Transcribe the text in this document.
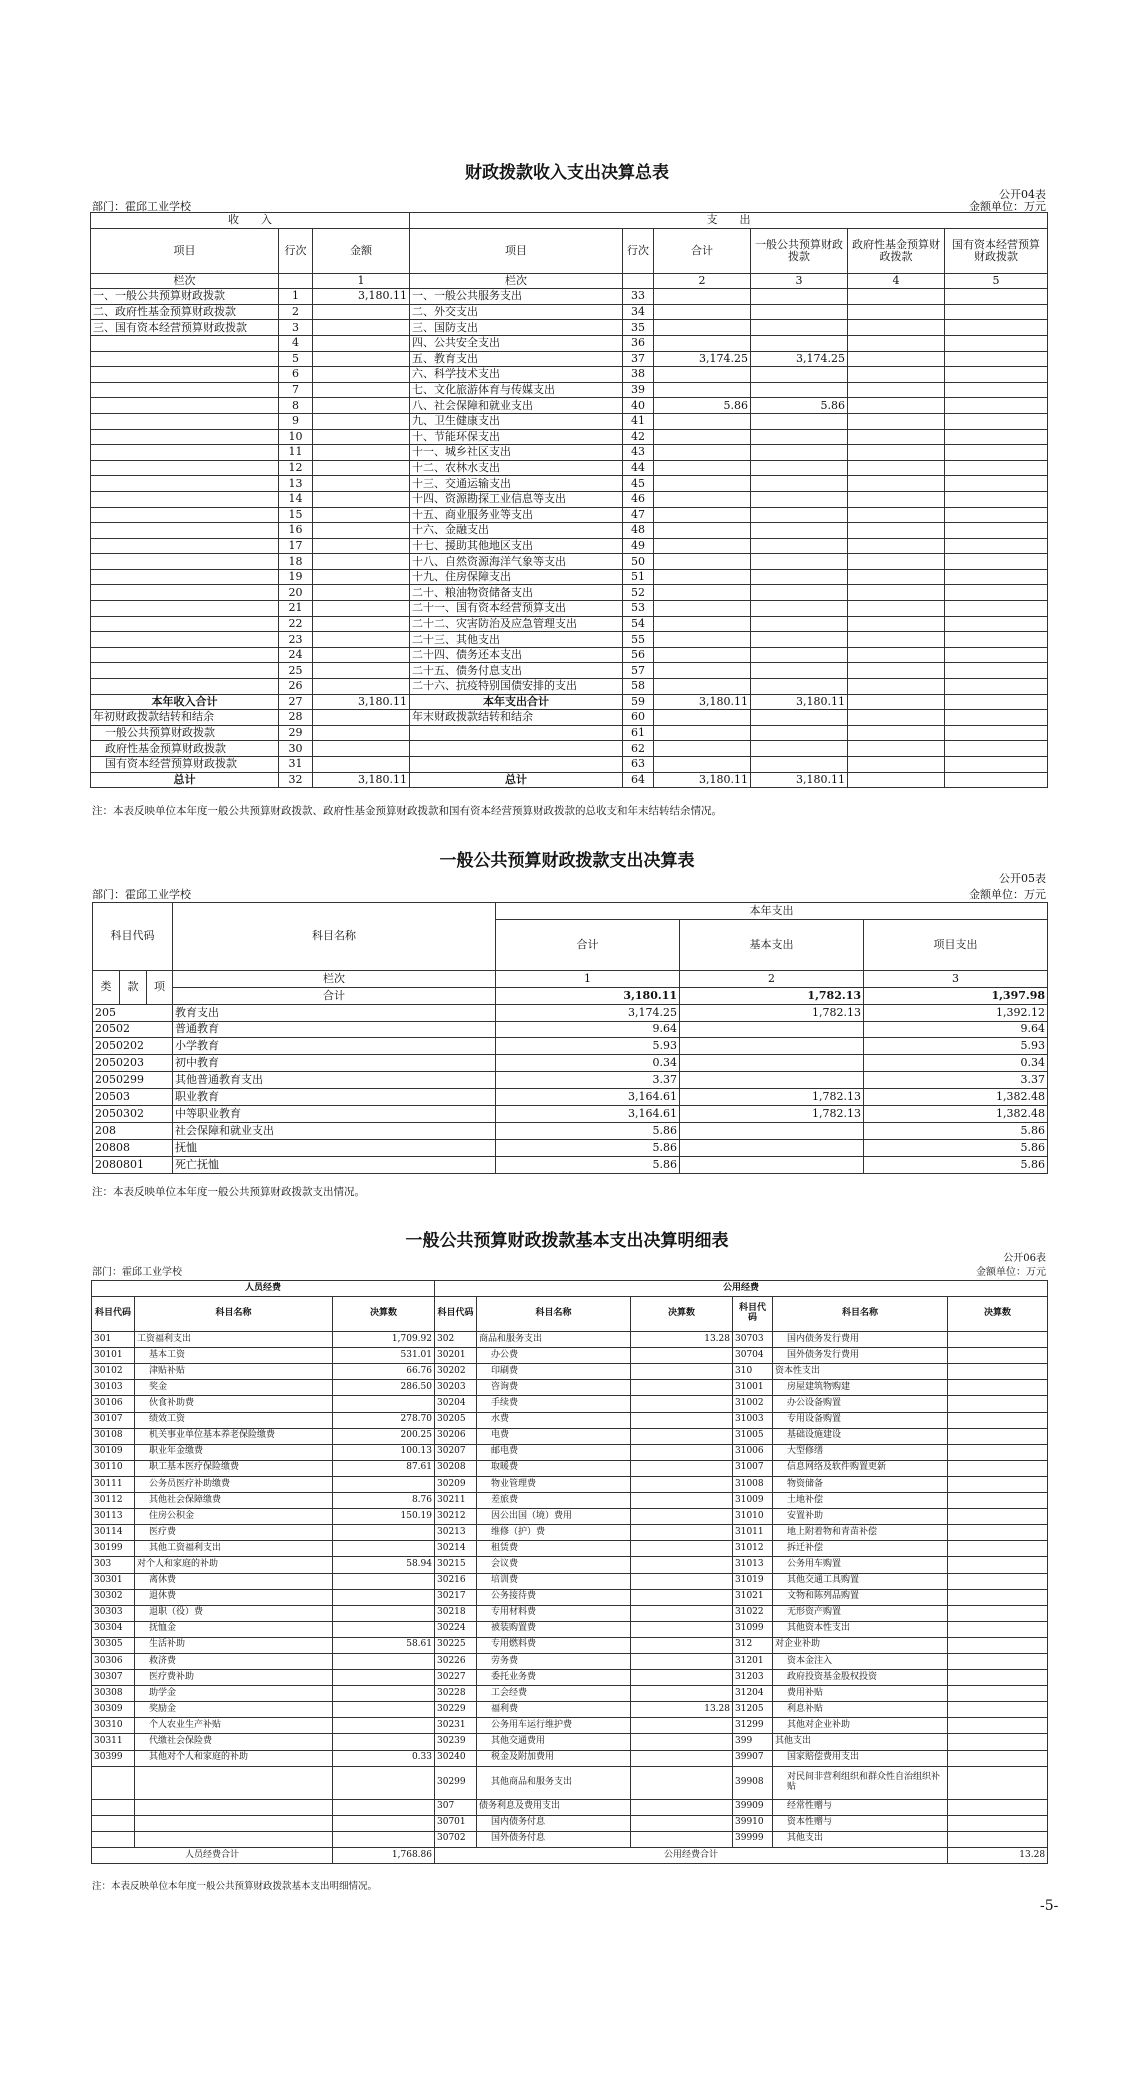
财政拨款收入支出决算总表
公开04表
部门：霍邱工业学校	金额单位：万元
收　　入			支　　出					
项目	行次	金额	项目	行次	合计	一般公共预算财政拨款	政府性基金预算财政拨款	国有资本经营预算财政拨款
栏次		1	栏次		2	3	4	5
一、一般公共预算财政拨款	1	3,180.11	一、一般公共服务支出	33				
二、政府性基金预算财政拨款	2		二、外交支出	34				
三、国有资本经营预算财政拨款	3		三、国防支出	35				
	4		四、公共安全支出	36				
	5		五、教育支出	37	3,174.25	3,174.25		
	6		六、科学技术支出	38				
	7		七、文化旅游体育与传媒支出	39				
	8		八、社会保障和就业支出	40	5.86	5.86		
	9		九、卫生健康支出	41				
	10		十、节能环保支出	42				
	11		十一、城乡社区支出	43				
	12		十二、农林水支出	44				
	13		十三、交通运输支出	45				
	14		十四、资源勘探工业信息等支出	46				
	15		十五、商业服务业等支出	47				
	16		十六、金融支出	48				
	17		十七、援助其他地区支出	49				
	18		十八、自然资源海洋气象等支出	50				
	19		十九、住房保障支出	51				
	20		二十、粮油物资储备支出	52				
	21		二十一、国有资本经营预算支出	53				
	22		二十二、灾害防治及应急管理支出	54				
	23		二十三、其他支出	55				
	24		二十四、债务还本支出	56				
	25		二十五、债务付息支出	57				
	26		二十六、抗疫特别国债安排的支出	58				
本年收入合计	27	3,180.11	本年支出合计	59	3,180.11	3,180.11		
年初财政拨款结转和结余	28		年末财政拨款结转和结余	60				
一般公共预算财政拨款	29			61				
政府性基金预算财政拨款	30			62				
国有资本经营预算财政拨款	31			63				
总计	32	3,180.11	总计	64	3,180.11	3,180.11		
注：本表反映单位本年度一般公共预算财政拨款、政府性基金预算财政拨款和国有资本经营预算财政拨款的总收支和年末结转结余情况。
一般公共预算财政拨款支出决算表
公开05表
部门：霍邱工业学校	金额单位：万元
科目代码			科目名称	本年支出		
				合计	基本支出	项目支出
类	款	项	栏次	1	2	3
			合计	3,180.11	1,782.13	1,397.98
205			教育支出	3,174.25	1,782.13	1,392.12
20502			普通教育	9.64		9.64
2050202			小学教育	5.93		5.93
2050203			初中教育	0.34		0.34
2050299			其他普通教育支出	3.37		3.37
20503			职业教育	3,164.61	1,782.13	1,382.48
2050302			中等职业教育	3,164.61	1,782.13	1,382.48
208			社会保障和就业支出	5.86		5.86
20808			抚恤	5.86		5.86
2080801			死亡抚恤	5.86		5.86
注：本表反映单位本年度一般公共预算财政拨款支出情况。
一般公共预算财政拨款基本支出决算明细表
公开06表
部门：霍邱工业学校	金额单位：万元
人员经费			公用经费					
科目代码	科目名称	决算数	科目代码	科目名称	决算数	科目代码	科目名称	决算数
301	工资福利支出	1,709.92	302	商品和服务支出	13.28	30703	国内债务发行费用	
30101	基本工资	531.01	30201	办公费		30704	国外债务发行费用	
30102	津贴补贴	66.76	30202	印刷费		310	资本性支出	
30103	奖金	286.50	30203	咨询费		31001	房屋建筑物购建	
30106	伙食补助费		30204	手续费		31002	办公设备购置	
30107	绩效工资	278.70	30205	水费		31003	专用设备购置	
30108	机关事业单位基本养老保险缴费	200.25	30206	电费		31005	基础设施建设	
30109	职业年金缴费	100.13	30207	邮电费		31006	大型修缮	
30110	职工基本医疗保险缴费	87.61	30208	取暖费		31007	信息网络及软件购置更新	
30111	公务员医疗补助缴费		30209	物业管理费		31008	物资储备	
30112	其他社会保障缴费	8.76	30211	差旅费		31009	土地补偿	
30113	住房公积金	150.19	30212	因公出国（境）费用		31010	安置补助	
30114	医疗费		30213	维修（护）费		31011	地上附着物和青苗补偿	
30199	其他工资福利支出		30214	租赁费		31012	拆迁补偿	
303	对个人和家庭的补助	58.94	30215	会议费		31013	公务用车购置	
30301	离休费		30216	培训费		31019	其他交通工具购置	
30302	退休费		30217	公务接待费		31021	文物和陈列品购置	
30303	退职（役）费		30218	专用材料费		31022	无形资产购置	
30304	抚恤金		30224	被装购置费		31099	其他资本性支出	
30305	生活补助	58.61	30225	专用燃料费		312	对企业补助	
30306	救济费		30226	劳务费		31201	资本金注入	
30307	医疗费补助		30227	委托业务费		31203	政府投资基金股权投资	
30308	助学金		30228	工会经费		31204	费用补贴	
30309	奖励金		30229	福利费	13.28	31205	利息补贴	
30310	个人农业生产补贴		30231	公务用车运行维护费		31299	其他对企业补助	
30311	代缴社会保险费		30239	其他交通费用		399	其他支出	
30399	其他对个人和家庭的补助	0.33	30240	税金及附加费用		39907	国家赔偿费用支出	
			30299	其他商品和服务支出		39908	对民间非营利组织和群众性自治组织补贴	
			307	债务利息及费用支出		39909	经常性赠与	
			30701	国内债务付息		39910	资本性赠与	
			30702	国外债务付息		39999	其他支出	
人员经费合计		1,768.86	公用经费合计					13.28
注：本表反映单位本年度一般公共预算财政拨款基本支出明细情况。
-5-
